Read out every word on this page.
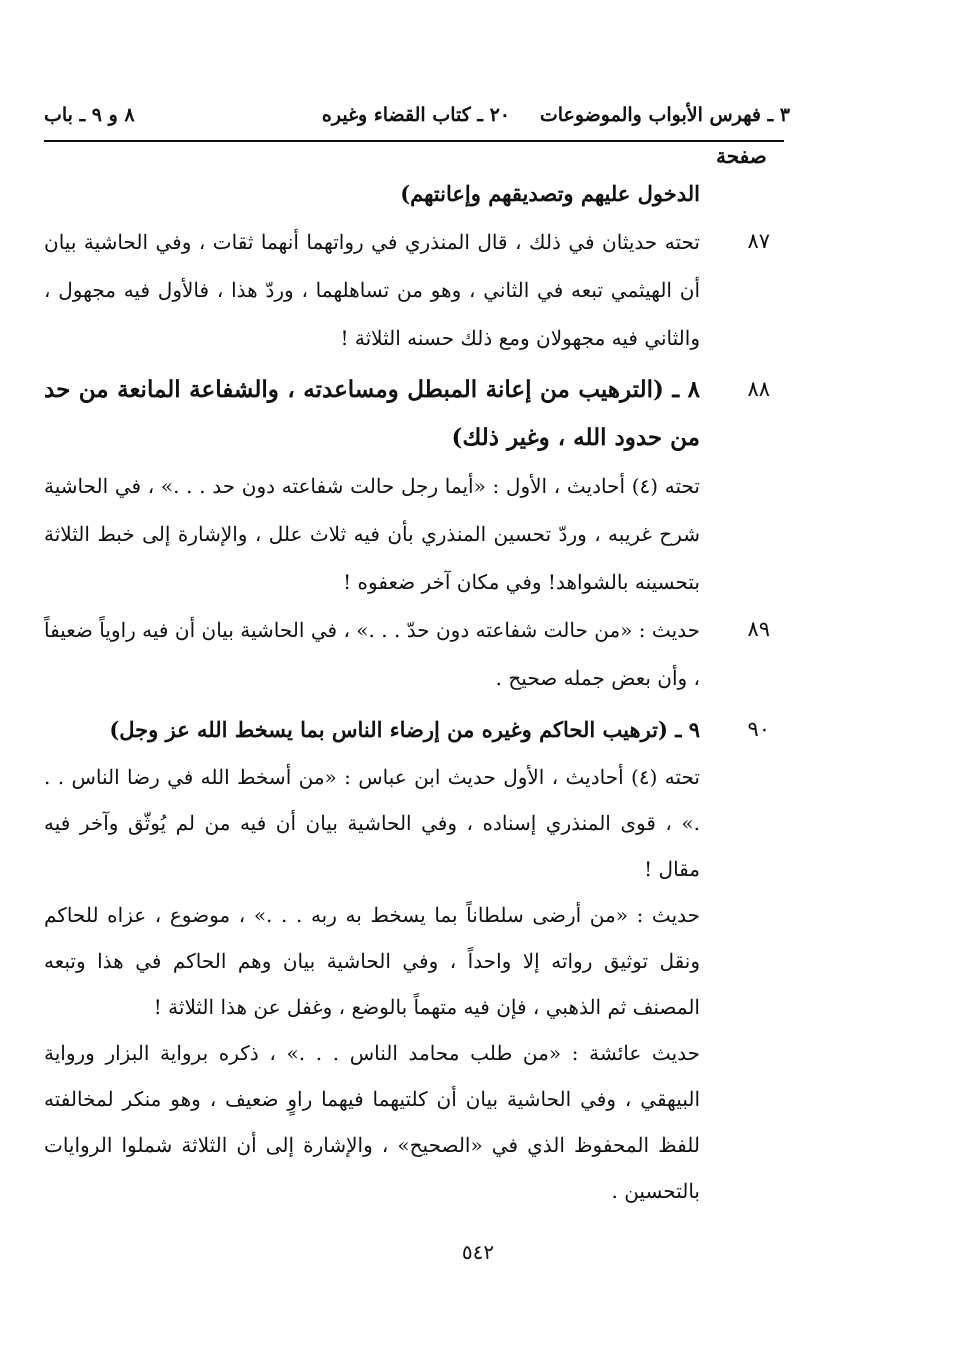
٣ ـ فهرس الأبواب والموضوعات
٢٠ ـ كتاب القضاء وغيره
٨ و ٩ ـ باب
صفحة

الدخول عليهم وتصديقهم وإعانتهم)

٨٧

تحته حديثان في ذلك ، قال المنذري في رواتهما أنهما ثقات ، وفي الحاشية بيان أن الهيثمي تبعه في الثاني ، وهو من تساهلهما ، وردّ هذا ، فالأول فيه مجهول ، والثاني فيه مجهولان ومع ذلك حسنه الثلاثة !

٨٨

٨ ـ (الترهيب من إعانة المبطل ومساعدته ، والشفاعة المانعة من حد من حدود الله ، وغير ذلك)

تحته (٤) أحاديث ، الأول : «أيما رجل حالت شفاعته دون حد . . .» ، في الحاشية شرح غريبه ، وردّ تحسين المنذري بأن فيه ثلاث علل ، والإشارة إلى خبط الثلاثة بتحسينه بالشواهد! وفي مكان آخر ضعفوه !

٨٩

حديث : «من حالت شفاعته دون حدّ . . .» ، في الحاشية بيان أن فيه راوياً ضعيفاً ، وأن بعض جمله صحيح .

٩٠

٩ ـ (ترهيب الحاكم وغيره من إرضاء الناس بما يسخط الله عز وجل)

تحته (٤) أحاديث ، الأول حديث ابن عباس : «من أسخط الله في رضا الناس . . .» ، قوى المنذري إسناده ، وفي الحاشية بيان أن فيه من لم يُوثّق وآخر فيه مقال !

حديث : «من أرضى سلطاناً بما يسخط به ربه . . .» ، موضوع ، عزاه للحاكم ونقل توثيق رواته إلا واحداً ، وفي الحاشية بيان وهم الحاكم في هذا وتبعه المصنف ثم الذهبي ، فإن فيه متهماً بالوضع ، وغفل عن هذا الثلاثة !

حديث عائشة : «من طلب محامد الناس . . .» ، ذكره برواية البزار ورواية البيهقي ، وفي الحاشية بيان أن كلتيهما فيهما راوٍ ضعيف ، وهو منكر لمخالفته للفظ المحفوظ الذي في «الصحيح» ، والإشارة إلى أن الثلاثة شملوا الروايات بالتحسين .

٥٤٢
